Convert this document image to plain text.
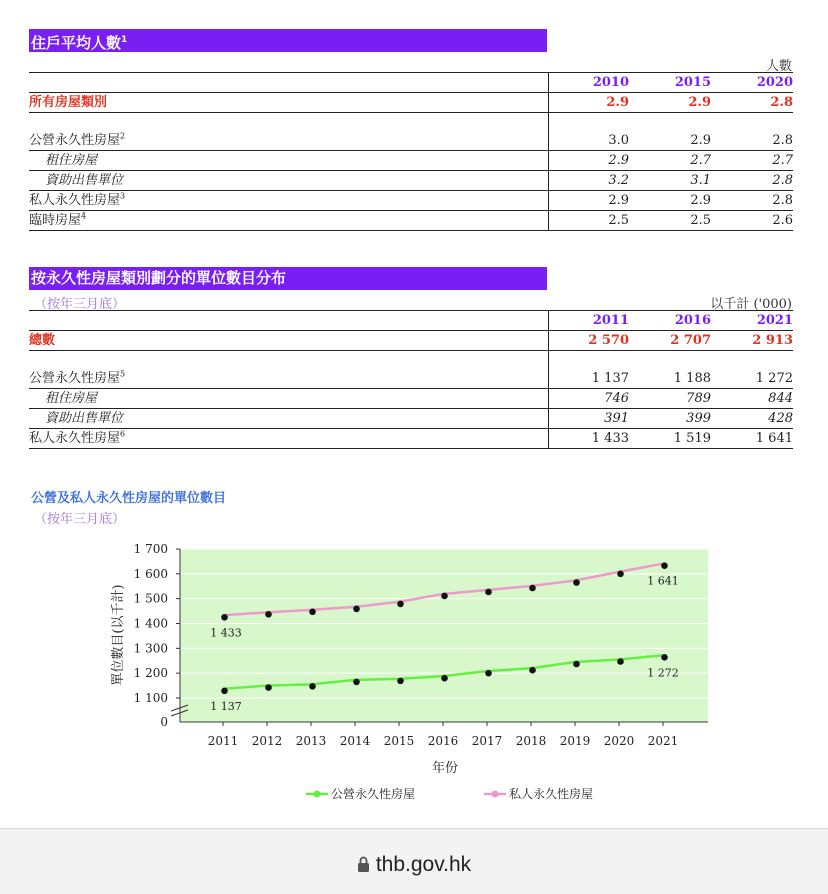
住戶平均人數$^1$
人數
	2010	2015	2020
所有房屋類別	2.9	2.9	2.8

公營永久性房屋$^2$	3.0	2.9	2.8
租住房屋	2.9	2.7	2.7
資助出售單位	3.2	3.1	2.8
私人永久性房屋$^3$	2.9	2.9	2.8
臨時房屋$^4$	2.5	2.5	2.6
按永久性房屋類別劃分的單位數目分布
（按年三月底）	以千計 ('000)
	2011	2016	2021
總數	2 570	2 707	2 913

公營永久性房屋$^5$	1 137	1 188	1 272
租住房屋	746	789	844
資助出售單位	391	399	428
私人永久性房屋$^6$	1 433	1 519	1 641
公營及私人永久性房屋的單位數目
（按年三月底）
1 700
1 600
1 500
1 400
1 300
1 200
1 100
0
2011 2012 2013 2014 2015 2016 2017 2018 2019 2020 2021
年份
單位數目(以千計)
1 137
1 272
1 433
1 641
公營永久性房屋	私人永久性房屋
thb.gov.hk
